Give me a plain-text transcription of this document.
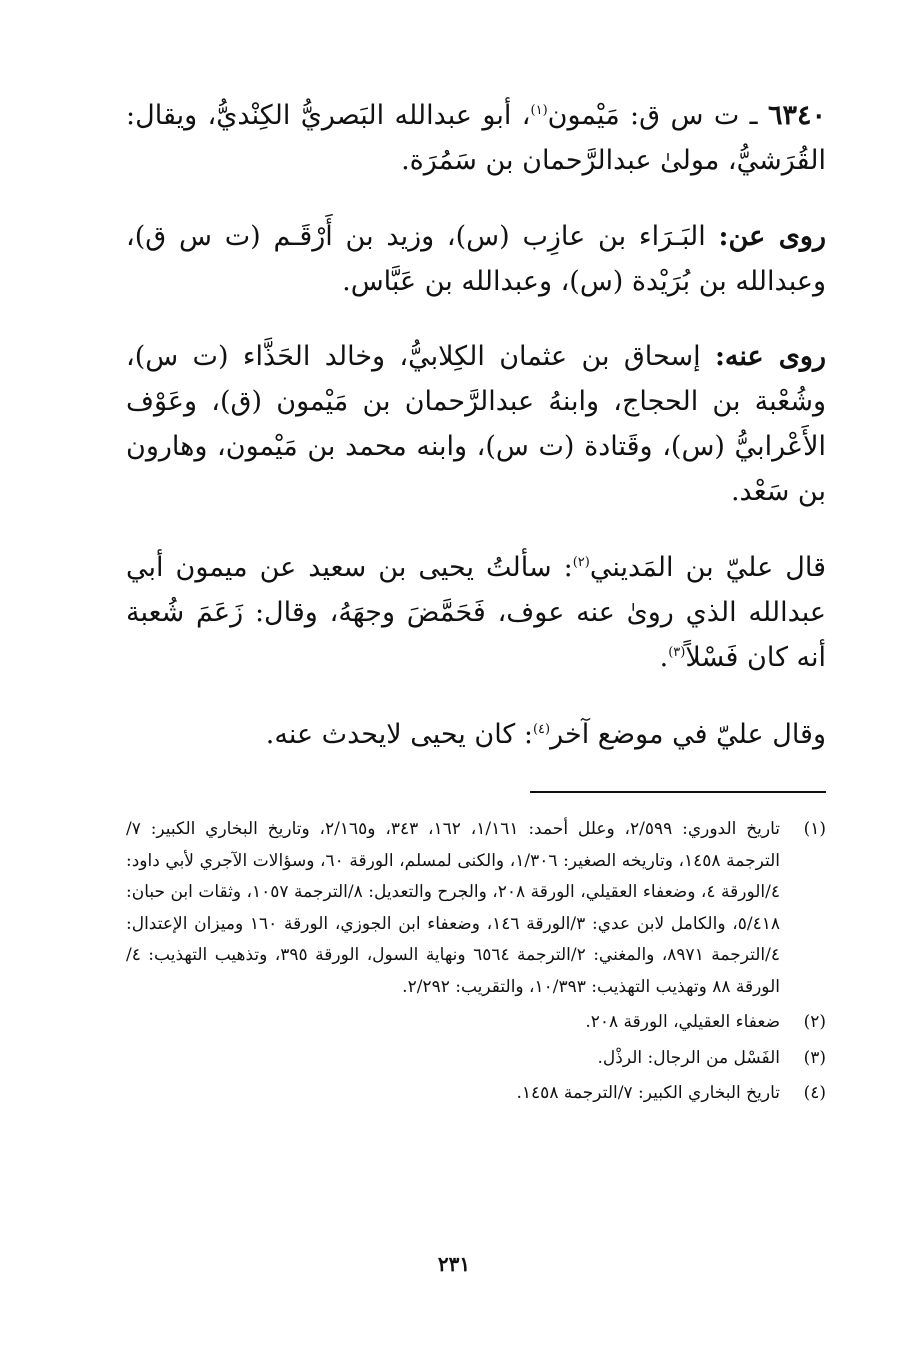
٦٣٤٠ ـ ت س ق: مَيْمون$^{(١)}$، أبو عبدالله البَصريُّ الكِنْديُّ، ويقال: القُرَشيُّ، مولىٰ عبدالرَّحمان بن سَمُرَة.

روى عن: البَـرَاء بن عازِب (س)، وزيد بن أَرْقَـم (ت س ق)، وعبدالله بن بُرَيْدة (س)، وعبدالله بن عَبَّاس.

روى عنه: إسحاق بن عثمان الكِلابيُّ، وخالد الحَذَّاء (ت س)، وشُعْبة بن الحجاج، وابنهُ عبدالرَّحمان بن مَيْمون (ق)، وعَوْف الأَعْرابيُّ (س)، وقَتادة (ت س)، وابنه محمد بن مَيْمون، وهارون بن سَعْد.

قال عليّ بن المَديني$^{(٢)}$: سألتُ يحيى بن سعيد عن ميمون أبي عبدالله الذي روىٰ عنه عوف، فَحَمَّضَ وجهَهُ، وقال: زَعَمَ شُعبة أنه كان فَسْلاً$^{(٣)}$.

وقال عليّ في موضع آخر$^{(٤)}$: كان يحيى لايحدث عنه.

(١)
تاريخ الدوري: ٢/٥٩٩، وعلل أحمد: ١/١٦١، ١٦٢، ٣٤٣، و٢/١٦٥، وتاريخ البخاري الكبير: ٧/الترجمة ١٤٥٨، وتاريخه الصغير: ١/٣٠٦، والكنى لمسلم، الورقة ٦٠، وسؤالات الآجري لأبي داود: ٤/الورقة ٤، وضعفاء العقيلي، الورقة ٢٠٨، والجرح والتعديل: ٨/الترجمة ١٠٥٧، وثقات ابن حبان: ٥/٤١٨، والكامل لابن عدي: ٣/الورقة ١٤٦، وضعفاء ابن الجوزي، الورقة ١٦٠ وميزان الإعتدال: ٤/الترجمة ٨٩٧١، والمغني: ٢/الترجمة ٦٥٦٤ ونهاية السول، الورقة ٣٩٥، وتذهيب التهذيب: ٤/الورقة ٨٨ وتهذيب التهذيب: ١٠/٣٩٣، والتقريب: ٢/٢٩٢.
(٢)
ضعفاء العقيلي، الورقة ٢٠٨.
(٣)
الفَسْل من الرجال: الرذْل.
(٤)
تاريخ البخاري الكبير: ٧/الترجمة ١٤٥٨.
٢٣١
